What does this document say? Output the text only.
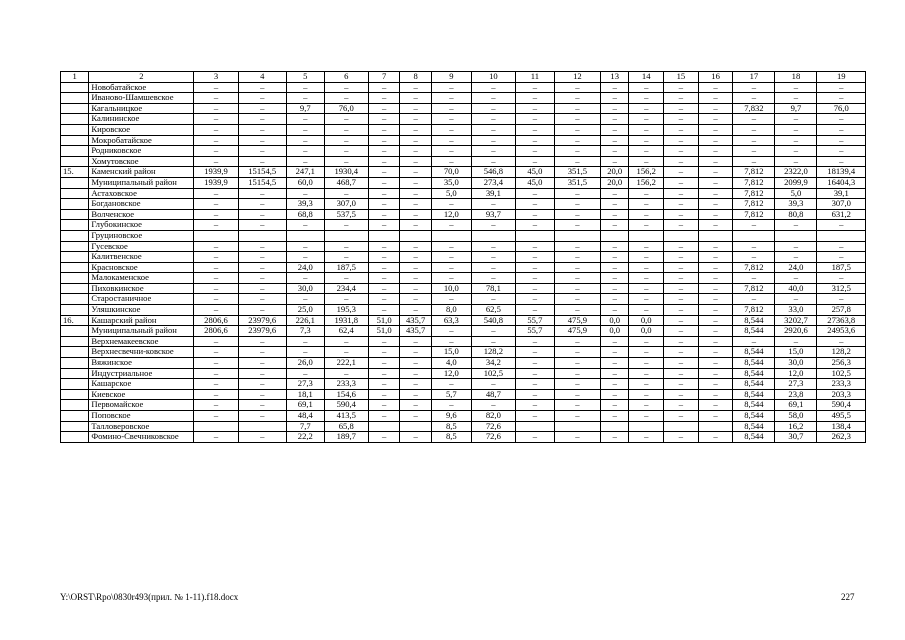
1	2	3	4	5	6	7	8	9	10	11	12	13	14	15	16	17	18	19
	Новобатайское	–	–	–	–	–	–	–	–	–	–	–	–	–	–	–	–	–
	Иваново-Шамшевское	–	–	–	–	–	–	–	–	–	–	–	–	–	–	–	–	–
	Кагальницкое	–	–	9,7	76,0	–	–	–	–	–	–	–	–	–	–	7,832	9,7	76,0
	Калининское	–	–	–	–	–	–	–	–	–	–	–	–	–	–	–	–	–
	Кировское	–	–	–	–	–	–	–	–	–	–	–	–	–	–	–	–	–
	Мокробатайское	–	–	–	–	–	–	–	–	–	–	–	–	–	–	–	–	–
	Родниковское	–	–	–	–	–	–	–	–	–	–	–	–	–	–	–	–	–
	Хомутовское	–	–	–	–	–	–	–	–	–	–	–	–	–	–	–	–	–
15.	Каменский район	1939,9	15154,5	247,1	1930,4	–	–	70,0	546,8	45,0	351,5	20,0	156,2	–	–	7,812	2322,0	18139,4
	Муниципальный район	1939,9	15154,5	60,0	468,7	–	–	35,0	273,4	45,0	351,5	20,0	156,2	–	–	7,812	2099,9	16404,3
	Астаховское	–	–	–	–	–	–	5,0	39,1	–	–	–	–	–	–	7,812	5,0	39,1
	Богдановское	–	–	39,3	307,0	–	–	–	–	–	–	–	–	–	–	7,812	39,3	307,0
	Волченское	–	–	68,8	537,5	–	–	12,0	93,7	–	–	–	–	–	–	7,812	80,8	631,2
	Глубокинское	–	–	–	–	–	–	–	–	–	–	–	–	–	–	–	–	–
	Груциновское																	
	Гусевское	–	–	–	–	–	–	–	–	–	–	–	–	–	–	–	–	–
	Калитвенское	–	–	–	–	–	–	–	–	–	–	–	–	–	–	–	–	–
	Красновское	–	–	24,0	187,5	–	–	–	–	–	–	–	–	–	–	7,812	24,0	187,5
	Малокаменское	–	–	–	–	–	–	–	–	–	–	–	–	–	–	–	–	–
	Пиховкинское	–	–	30,0	234,4	–	–	10,0	78,1	–	–	–	–	–	–	7,812	40,0	312,5
	Старостаничное	–	–	–	–	–	–	–	–	–	–	–	–	–	–	–	–	–
	Уляшкинское	–	–	25,0	195,3	–	–	8,0	62,5	–	–	–	–	–	–	7,812	33,0	257,8
16.	Кашарский район	2806,6	23979,6	226,1	1931,8	51,0	435,7	63,3	540,8	55,7	475,9	0,0	0,0	–	–	8,544	3202,7	27363,8
	Муниципальный район	2806,6	23979,6	7,3	62,4	51,0	435,7	–	–	55,7	475,9	0,0	0,0	–	–	8,544	2920,6	24953,6
	Верхнемакеевское	–	–	–	–	–	–	–	–	–	–	–	–	–	–	–	–	–
	Верхнесвечни-ковское	–	–	–	–	–	–	15,0	128,2	–	–	–	–	–	–	8,544	15,0	128,2
	Вяжинское	–	–	26,0	222,1	–	–	4,0	34,2	–	–	–	–	–	–	8,544	30,0	256,3
	Индустриальное	–	–	–	–	–	–	12,0	102,5	–	–	–	–	–	–	8,544	12,0	102,5
	Кашарское	–	–	27,3	233,3	–	–	–	–	–	–	–	–	–	–	8,544	27,3	233,3
	Киевское	–	–	18,1	154,6	–	–	5,7	48,7	–	–	–	–	–	–	8,544	23,8	203,3
	Первомайское	–	–	69,1	590,4	–	–	–	–	–	–	–	–	–	–	8,544	69,1	590,4
	Поповское	–	–	48,4	413,5	–	–	9,6	82,0	–	–	–	–	–	–	8,544	58,0	495,5
	Талловеровское			7,7	65,8			8,5	72,6							8,544	16,2	138,4
	Фомино-Свечниковское	–	–	22,2	189,7	–	–	8,5	72,6	–	–	–	–	–	–	8,544	30,7	262,3
Y:\ORST\Rpo\0830r493(прил. № 1-11).f18.docx	227
